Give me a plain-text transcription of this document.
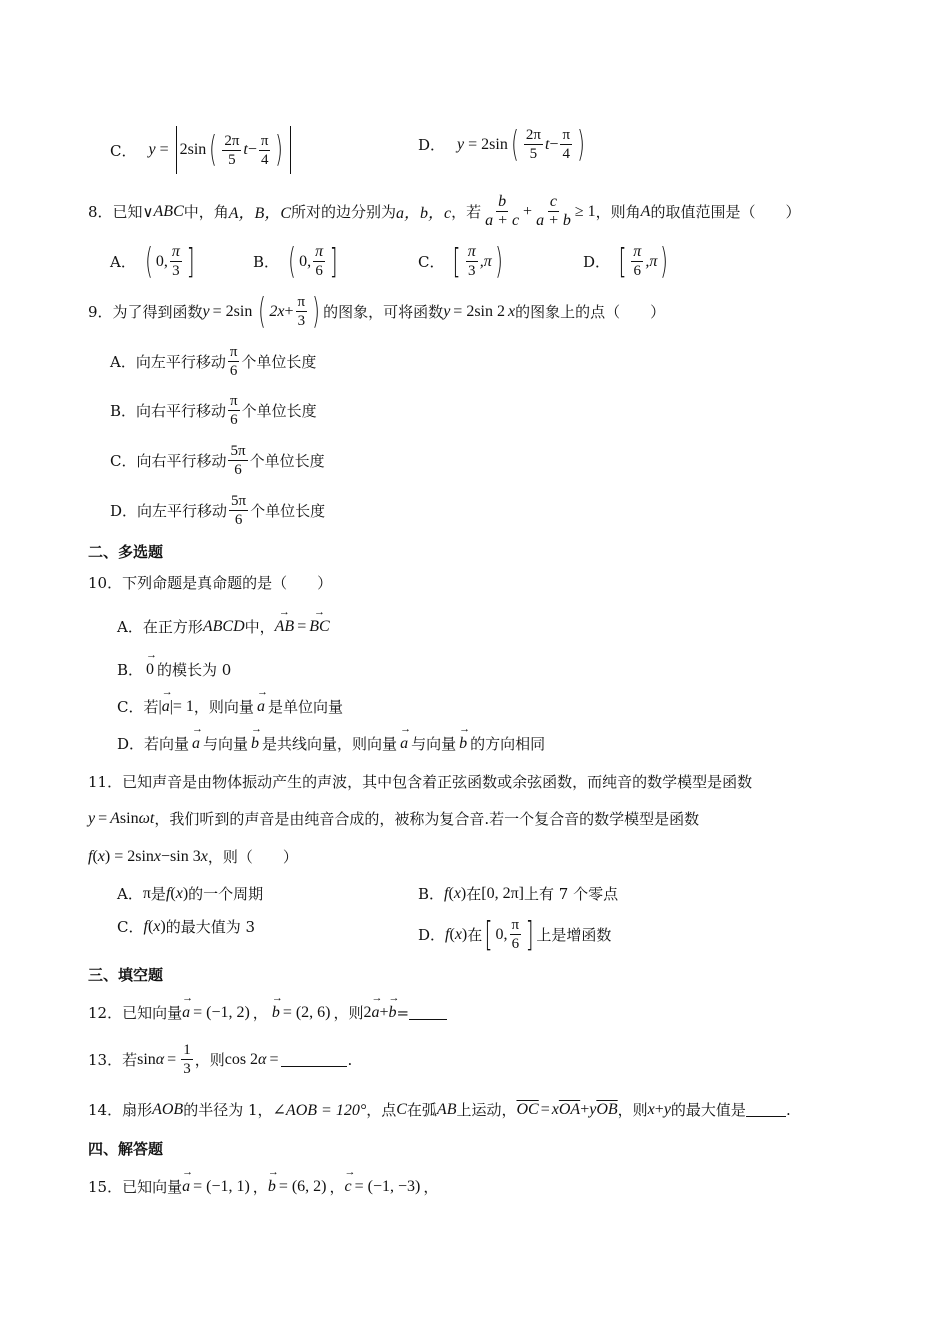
C． y = 2sin ( $\frac{2\pi}{5}$ $t - \frac{\pi}{4}$ )	D． y = 2sin ( $\frac{2\pi}{5}$ $t - \frac{\pi}{4}$ )
8．已知 ∨ ABC 中，角 A，B，C 所对的边分别为 a，b，c ，若 $\frac{b}{a + c} + \frac{c}{a + b} \ge 1$ ，则角 A 的取值范围是（　　）
A． ( 0, $\frac{\pi}{3}$ ]	B． ( 0, $\frac{\pi}{6}$ ]	C． [ $\frac{\pi}{3} ,\pi$ )	D． [ $\frac{\pi}{6} ,\pi$ )
9．为了得到函数 y = 2sin ( $2x + \frac{\pi}{3}$ ) 的图象，可将函数 y = 2sin 2 x 的图象上的点（　　）
A．向左平行移动 $\frac{\pi}{6}$ 个单位长度
B．向右平行移动 $\frac{\pi}{6}$ 个单位长度
C．向右平行移动 $\frac{5\pi}{6}$ 个单位长度
D．向左平行移动 $\frac{5\pi}{6}$ 个单位长度
二、多选题
10．下列命题是真命题的是（　　）
A．在正方形 ABCD 中， → AB = → BC
B． → 0 的模长为 0
C．若 | → a |= 1 ，则向量 → a 是单位向量
D．若向量 → a 与向量 → b 是共线向量，则向量 → a 与向量 → b 的方向相同
11．已知声音是由物体振动产生的声波，其中包含着正弦函数或余弦函数，而纯音的数学模型是函数
y = A sin ωt ，我们听到的声音是由纯音合成的，被称为复合音.若一个复合音的数学模型是函数
f ( x ) = 2sin x −sin 3 x ，则（　　）
A． π 是 f ( x ) 的一个周期	B． f ( x ) 在 [0, 2π] 上有 7 个零点
C． f ( x ) 的最大值为 3	D． f ( x ) 在 [ 0, $\frac{\pi}{6}$ ] 上是增函数
三、填空题
12．已知向量 → a = (−1, 2) ， → b = (2, 6) ，则 2 → a + → b =
13．若 $\sin \alpha = \frac{1}{3}$ ，则 cos 2 α =	.
14．扇形 AOB 的半径为 1， ∠AOB = 120° ，点 C 在弧 AB 上运动， $\overline{OC} = x$ $\overline{OA} + y$ $\overline{OB}$ ，则 x + y 的最大值是	.
四、解答题
15．已知向量 → a = (−1, 1) ， → b = (6, 2) ， → c = (−1, −3) ，
